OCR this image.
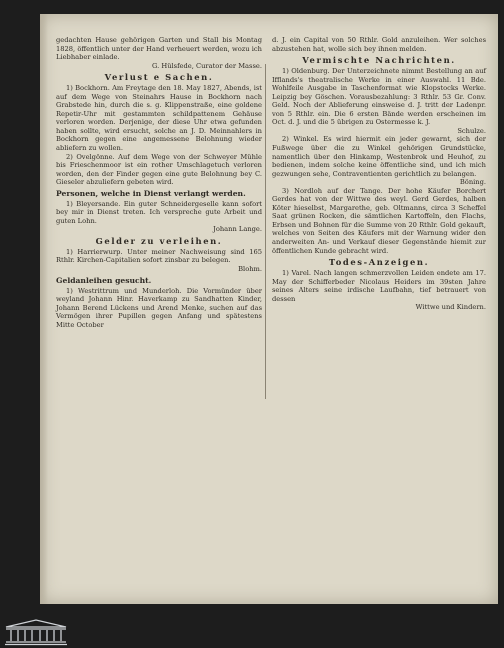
gedachten Hause gehörigen Garten und Stall bis Montag 1828, öffentlich unter der Hand verheuert werden, wozu ich Liebhaber einlade.

G. Hülsfede, Curator der Masse.

Verlust e Sachen.

1) Bockhorn. Am Freytage den 18. May 1827, Abends, ist auf dem Wege von Steinahrs Hause in Bockhorn nach Grabstede hin, durch die s. g. Klippenstraße, eine goldene Repetir-Uhr mit gestammten schildpattenem Gehäuse verloren worden. Derjenige, der diese Uhr etwa gefunden haben sollte, wird ersucht, solche an J. D. Meinnahlers in Bockhorn gegen eine angemessene Belohnung wieder abliefern zu wollen.

2) Ovelgönne. Auf dem Wege von der Schweyer Mühle bis Frieschenmoor ist ein rother Umschlagetuch verloren worden, den der Finder gegen eine gute Belohnung bey C. Gieseler abzuliefern gebeten wird.

Personen, welche in Dienst verlangt werden.

1) Bleyersande. Ein guter Schneidergeselle kann sofort bey mir in Dienst treten. Ich verspreche gute Arbeit und guten Lohn.

Johann Lange.

Gelder zu verleihen.

1) Harrierwurp. Unter meiner Nachweisung sind 165 Rthlr. Kirchen-Capitalien sofort zinsbar zu belegen.

Blohm.

Geldanleihen gesucht.

1) Westrittrum und Munderloh. Die Vormünder über weyland Johann Hinr. Haverkamp zu Sandhatten Kinder, Johann Berend Lückens und Arend Menke, suchen auf das Vermögen ihrer Pupillen gegen Anfang und spätestens Mitte October

d. J. ein Capital von 50 Rthlr. Gold anzuleihen. Wer solches abzustehen hat, wolle sich bey ihnen melden.

Vermischte Nachrichten.

1) Oldenburg. Der Unterzeichnete nimmt Bestellung an auf Ifflands's theatralische Werke in einer Auswahl. 11 Bde. Wohlfeile Ausgabe in Taschenformat wie Klopstocks Werke. Leipzig bey Göschen. Vorausbezahlung: 3 Rthlr. 53 Gr. Conv. Geld. Noch der Ablieferung einsweise d. J. tritt der Ladenpr. von 5 Rthlr. ein. Die 6 ersten Bände werden erscheinen im Oct. d. J. und die 5 übrigen zu Ostermesse k. J.

Schulze.

2) Winkel. Es wird hiermit ein jeder gewarnt, sich der Fußwege über die zu Winkel gehörigen Grundstücke, namentlich über den Hinkamp, Westenbrok und Heuhof, zu bedienen, indem solche keine öffentliche sind, und ich mich gezwungen sehe, Contraventienten gerichtlich zu belangen.

Böning.

3) Nordloh auf der Tange. Der hohe Käufer Borchert Gerdes hat von der Wittwe des weyl. Gerd Gerdes, halben Köter hieselbst, Margarethe, geb. Oltmanns, circa 3 Scheffel Saat grünen Rocken, die sämtlichen Kartoffeln, den Flachs, Erbsen und Bohnen für die Summe von 20 Rthlr. Gold gekauft, welches von Seiten des Käufers mit der Warnung wider den anderweiten An- und Verkauf dieser Gegenstände hiemit zur öffentlichen Kunde gebracht wird.

Todes-Anzeigen.

1) Varel. Nach langen schmerzvollen Leiden endete am 17. May der Schifferbeder Nicolaus Heiders im 39sten Jahre seines Alters seine irdische Laufbahn, tief betrauert von dessen

Wittwe und Kindern.
